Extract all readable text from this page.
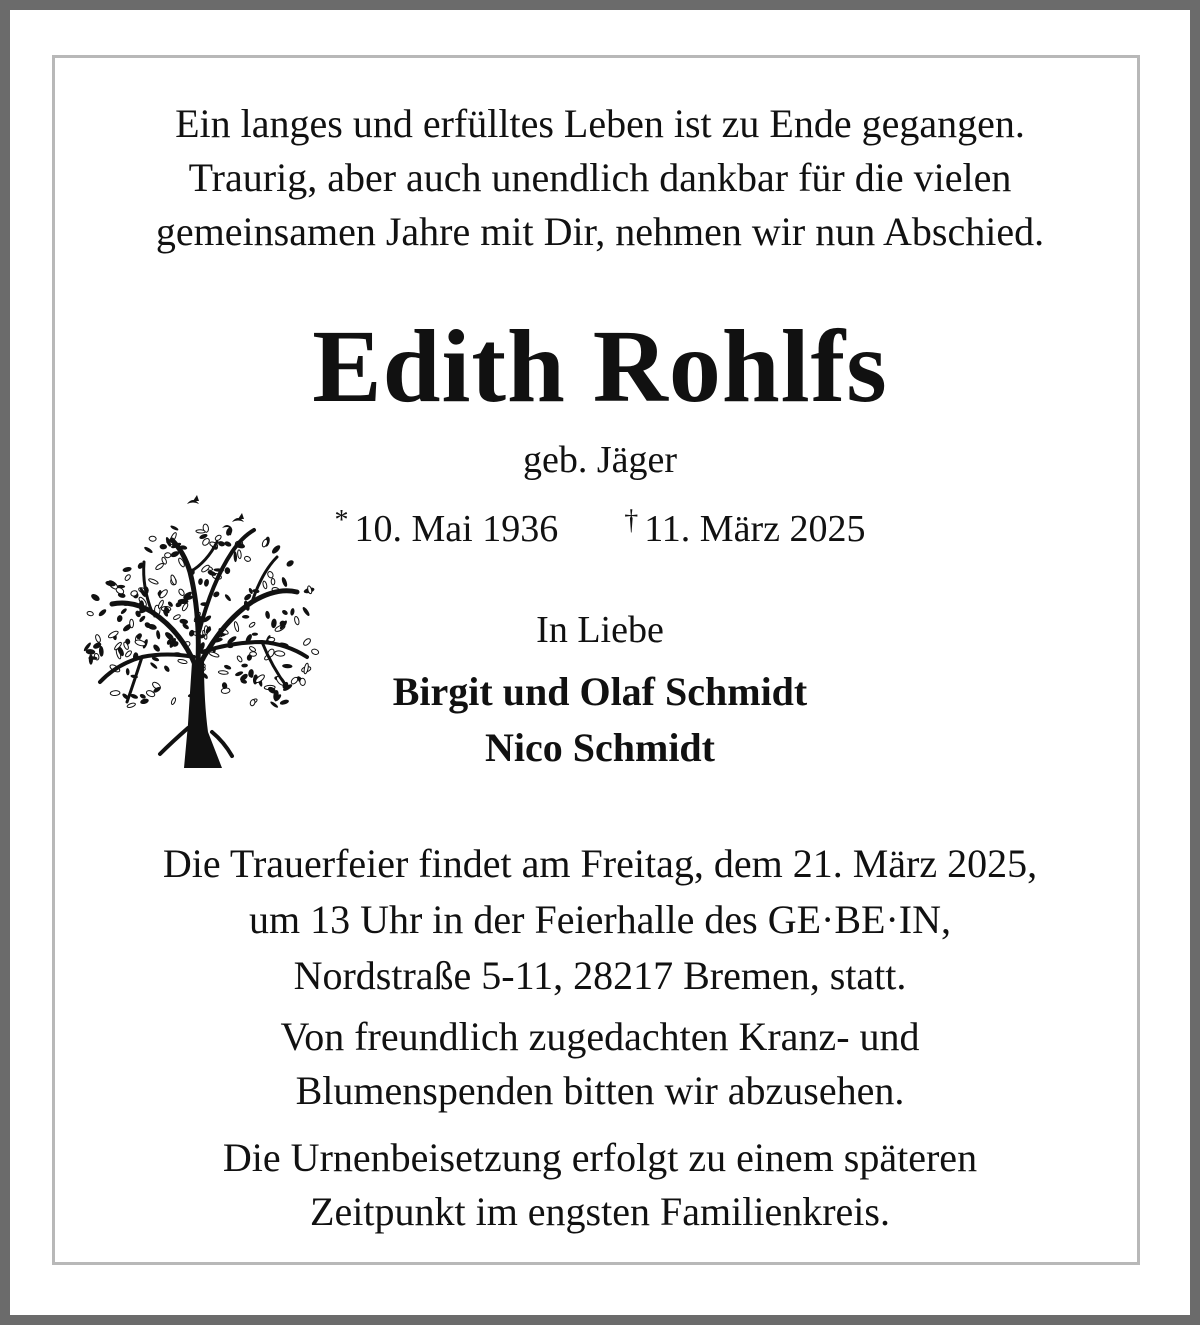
Ein langes und erfülltes Leben ist zu Ende gegangen.
Traurig, aber auch unendlich dankbar für die vielen
gemeinsamen Jahre mit Dir, nehmen wir nun Abschied.
Edith Rohlfs
geb. Jäger
* 10. Mai 1936 † 11. März 2025
In Liebe
Birgit und Olaf Schmidt
Nico Schmidt
Die Trauerfeier findet am Freitag, dem 21. März 2025,
um 13 Uhr in der Feierhalle des GE·BE·IN,
Nordstraße 5-11, 28217 Bremen, statt.
Von freundlich zugedachten Kranz- und
Blumenspenden bitten wir abzusehen.
Die Urnenbeisetzung erfolgt zu einem späteren
Zeitpunkt im engsten Familienkreis.
